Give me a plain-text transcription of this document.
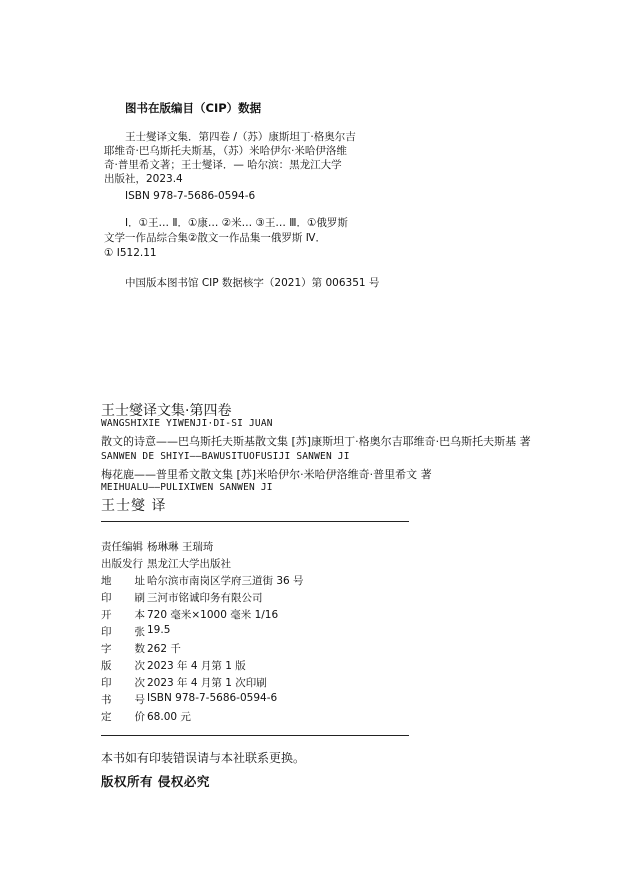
图书在版编目（CIP）数据
王士燮译文集．第四卷 /（苏）康斯坦丁·格奥尔吉
耶维奇·巴乌斯托夫斯基，（苏）米哈伊尔·米哈伊洛维
奇·普里希文著；王士燮译．— 哈尔滨：黑龙江大学
出版社，2023.4
ISBN 978-7-5686-0594-6
Ⅰ．①王… Ⅱ．①康… ②米… ③王… Ⅲ．①俄罗斯
文学一作品综合集②散文一作品集一俄罗斯 Ⅳ．
① I512.11
中国版本图书馆 CIP 数据核字（2021）第 006351 号
王士燮译文集·第四卷
WANGSHIXIE YIWENJI·DI-SI JUAN
散文的诗意——巴乌斯托夫斯基散文集 [苏]康斯坦丁·格奥尔吉耶维奇·巴乌斯托夫斯基 著
SANWEN DE SHIYI——BAWUSITUOFUSIJI SANWEN JI
梅花鹿——普里希文散文集 [苏]米哈伊尔·米哈伊洛维奇·普里希文 著
MEIHUALU——PULIXIWEN SANWEN JI
王士燮 译
责任编辑 杨琳琳 王瑞琦
出版发行 黑龙江大学出版社
地 址 哈尔滨市南岗区学府三道街 36 号
印 刷 三河市铭诚印务有限公司
开 本 720 毫米×1000 毫米 1/16
印 张 19.5
字 数 262 千
版 次 2023 年 4 月第 1 版
印 次 2023 年 4 月第 1 次印刷
书 号 ISBN 978-7-5686-0594-6
定 价 68.00 元
本书如有印装错误请与本社联系更换。
版权所有 侵权必究
